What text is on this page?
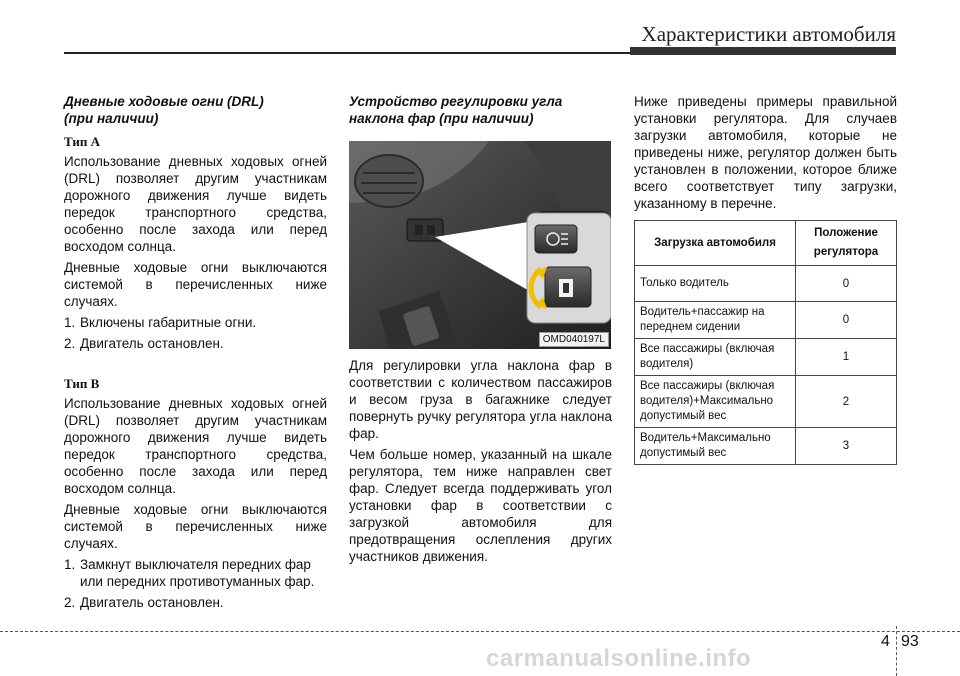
Характеристики автомобиля
Дневные ходовые огни (DRL)
(при наличии)
Тип A

Использование дневных ходовых огней (DRL) позволяет другим участникам дорожного движения лучше видеть передок транспортного средства, особенно после захода или перед восходом солнца.

Дневные ходовые огни выключаются системой в перечисленных ниже случаях.

1. Включены габаритные огни.
2. Двигатель остановлен.
Тип B

Использование дневных ходовых огней (DRL) позволяет другим участникам дорожного движения лучше видеть передок транспортного средства, особенно после захода или перед восходом солнца.

Дневные ходовые огни выключаются системой в перечисленных ниже случаях.

1. Замкнут выключателя передних фар или передних противотуманных фар.
2. Двигатель остановлен.
Устройство регулировки угла
наклона фар (при наличии)
OMD040197L

Для регулировки угла наклона фар в соответствии с количеством пассажиров и весом груза в багажнике следует повернуть ручку регулятора угла наклона фар.

Чем больше номер, указанный на шкале регулятора, тем ниже направлен свет фар. Следует всегда поддерживать угол установки фар в соответствии с загрузкой автомобиля для предотвращения ослепления других участников движения.

Ниже приведены примеры правильной установки регулятора. Для случаев загрузки автомобиля, которые не приведены ниже, регулятор должен быть установлен в положении, которое ближе всего соответствует типу загрузки, указанному в перечне.

Загрузка автомобиля	Положение регулятора
Только водитель	0
Водитель+пассажир на переднем сидении	0
Все пассажиры (включая водителя)	1
Все пассажиры (включая водителя)+Максимально допустимый вес	2
Водитель+Максимально допустимый вес	3
4 93
carmanualsonline.info
